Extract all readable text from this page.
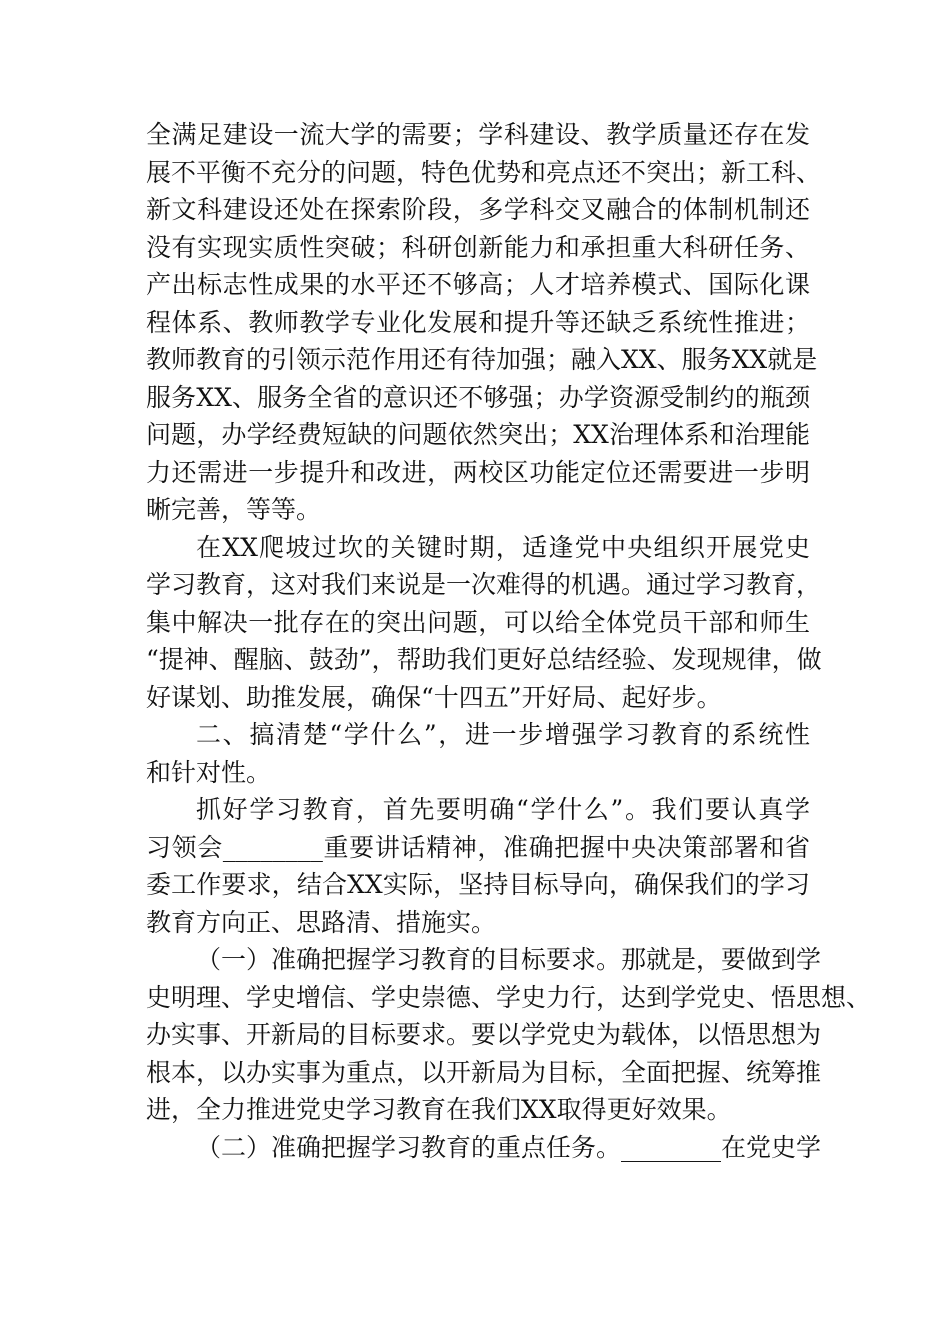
全满足建设一流大学的需要；学科建设、教学质量还存在发
展不平衡不充分的问题，特色优势和亮点还不突出；新工科、
新文科建设还处在探索阶段，多学科交叉融合的体制机制还
没有实现实质性突破；科研创新能力和承担重大科研任务、
产出标志性成果的水平还不够高；人才培养模式、国际化课
程体系、教师教学专业化发展和提升等还缺乏系统性推进；
教师教育的引领示范作用还有待加强；融入XX、服务XX就是
服务XX、服务全省的意识还不够强；办学资源受制约的瓶颈
问题，办学经费短缺的问题依然突出；XX治理体系和治理能
力还需进一步提升和改进，两校区功能定位还需要进一步明
晰完善，等等。
在XX爬坡过坎的关键时期，适逢党中央组织开展党史
学习教育，这对我们来说是一次难得的机遇。通过学习教育，
集中解决一批存在的突出问题，可以给全体党员干部和师生
“提神、醒脑、鼓劲”，帮助我们更好总结经验、发现规律，做
好谋划、助推发展，确保“十四五”开好局、起好步。
二、搞清楚“学什么”，进一步增强学习教育的系统性
和针对性。
抓好学习教育，首先要明确“学什么”。我们要认真学
习领会________重要讲话精神，准确把握中央决策部署和省
委工作要求，结合XX实际，坚持目标导向，确保我们的学习
教育方向正、思路清、措施实。
（一）准确把握学习教育的目标要求。那就是，要做到学
史明理、学史增信、学史崇德、学史力行，达到学党史、悟思想、
办实事、开新局的目标要求。要以学党史为载体，以悟思想为
根本，以办实事为重点，以开新局为目标，全面把握、统筹推
进，全力推进党史学习教育在我们XX取得更好效果。
（二）准确把握学习教育的重点任务。________在党史学
